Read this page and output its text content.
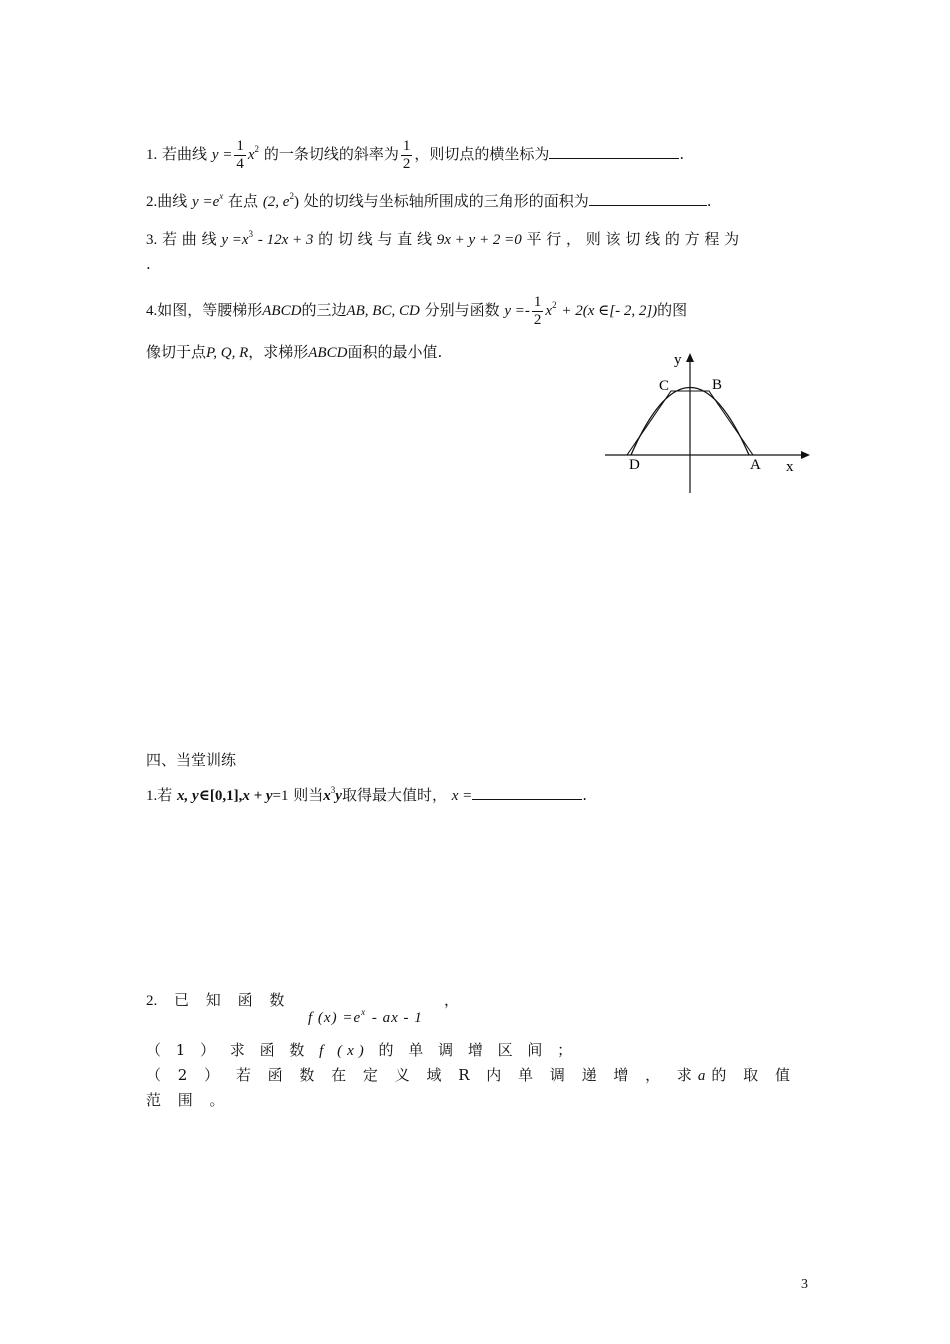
1. 若曲线 $y = \frac{1}{4} x^2$ 的一条切线的斜率为 $\frac{1}{2}$ ，则切点的横坐标为	.
2.曲线 $y =e^x$ 在点 (2, $e^2$) 处的切线与坐标轴所围成的三角形的面积为	.
3. 若 曲 线 $y =x^3 - 12x + 3$ 的 切 线 与 直 线 9x + y + 2 =0 平 行 ， 则 该 切 线 的 方 程 为
.
4.如图，等腰梯形ABCD的三边AB, BC, CD 分别与函数 $y =- \frac{1}{2} x^2 + 2(x$ ∈[- 2, 2])的图
像切于点P, Q, R，求梯形ABCD面积的最小值.	y
x
C	B
D	A
四、当堂训练
1.若 x, y∈[0,1],x + y=1 则当$x^3y$取得最大值时， x =	.
2. 已 知 函 数
f $(x) =e^x$ - ax - 1
，
（ 1 ） 求 函 数 f (x) 的 单 调 增 区 间 ；
（ 2 ） 若 函 数 在 定 义 域 R 内 单 调 递 增 ， 求a的 取 值
范 围 。
3
